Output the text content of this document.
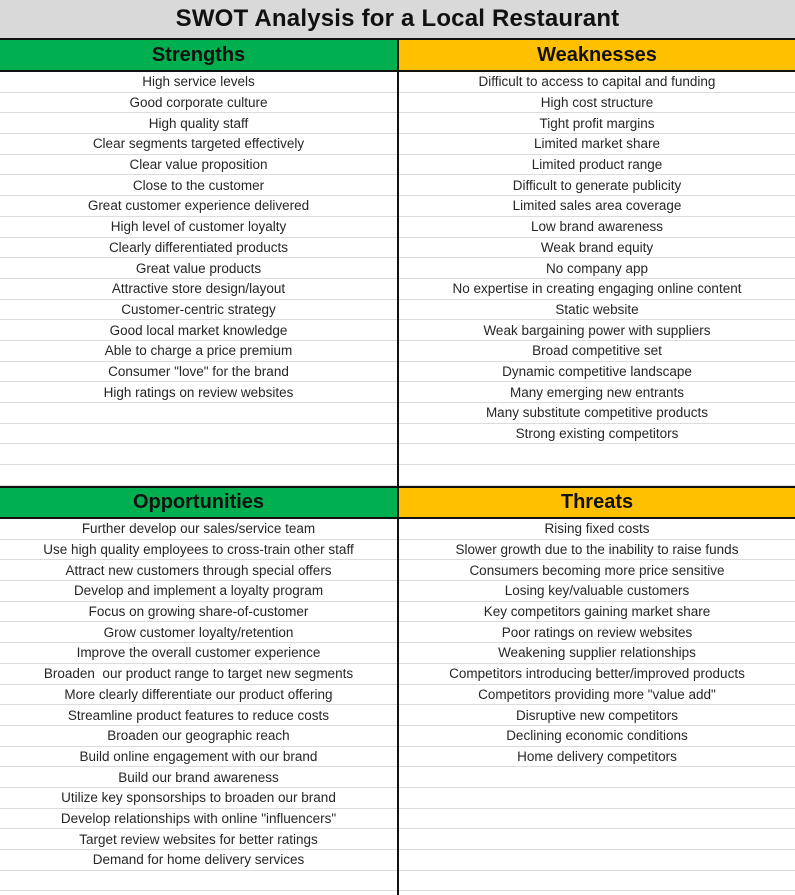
SWOT Analysis for a Local Restaurant
Strengths
High service levels
Good corporate culture
High quality staff
Clear segments targeted effectively
Clear value proposition
Close to the customer
Great customer experience delivered
High level of customer loyalty
Clearly differentiated products
Great value products
Attractive store design/layout
Customer-centric strategy
Good local market knowledge
Able to charge a price premium
Consumer "love" for the brand
High ratings on review websites
Weaknesses
Difficult to access to capital and funding
High cost structure
Tight profit margins
Limited market share
Limited product range
Difficult to generate publicity
Limited sales area coverage
Low brand awareness
Weak brand equity
No company app
No expertise in creating engaging online content
Static website
Weak bargaining power with suppliers
Broad competitive set
Dynamic competitive landscape
Many emerging new entrants
Many substitute competitive products
Strong existing competitors
Opportunities
Further develop our sales/service team
Use high quality employees to cross-train other staff
Attract new customers through special offers
Develop and implement a loyalty program
Focus on growing share-of-customer
Grow customer loyalty/retention
Improve the overall customer experience
Broaden  our product range to target new segments
More clearly differentiate our product offering
Streamline product features to reduce costs
Broaden our geographic reach
Build online engagement with our brand
Build our brand awareness
Utilize key sponsorships to broaden our brand
Develop relationships with online "influencers"
Target review websites for better ratings
Demand for home delivery services
Threats
Rising fixed costs
Slower growth due to the inability to raise funds
Consumers becoming more price sensitive
Losing key/valuable customers
Key competitors gaining market share
Poor ratings on review websites
Weakening supplier relationships
Competitors introducing better/improved products
Competitors providing more "value add"
Disruptive new competitors
Declining economic conditions
Home delivery competitors
